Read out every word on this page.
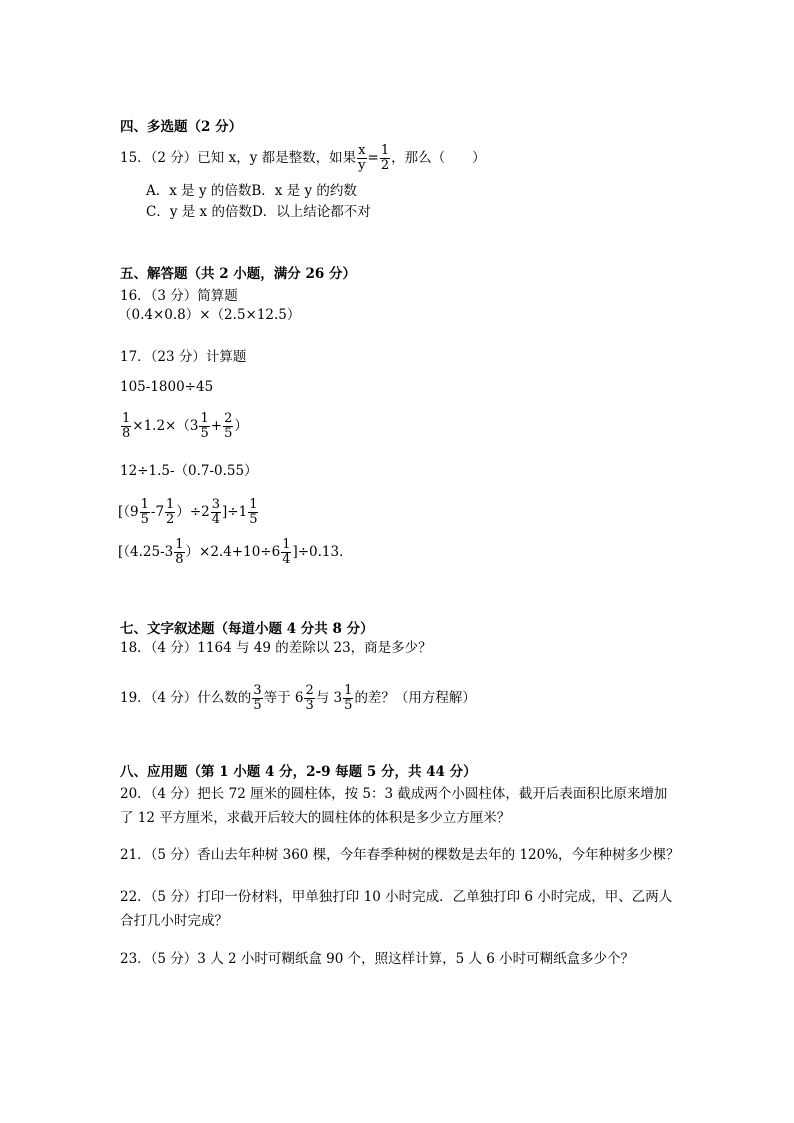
四、多选题（2 分）
15．（2 分）已知 x，y 都是整数，如果 $\frac{x}{y} = \frac{1}{2}$ ，那么（　　）
A．x 是 y 的倍数B．x 是 y 的约数
C．y 是 x 的倍数D．以上结论都不对
五、解答题（共 2 小题，满分 26 分）
16．（3 分）简算题
（0.4×0.8）×（2.5×12.5）
17．（23 分）计算题
105-1800÷45
$\frac{1}{8} \times 1.2\times(3 \frac{1}{5} + \frac{2}{5}$ ）
12÷1.5-（0.7-0.55）
$[(9 \frac{1}{5} -7 \frac{1}{2} )\div 2 \frac{3}{4} ]\div 1 \frac{1}{5}$
$[(4.25-3 \frac{1}{8} )\times 2.4+10\div 6 \frac{1}{4} ]\div 0.13$．
七、文字叙述题（每道小题 4 分共 8 分）
18．（4 分）1164 与 49 的差除以 23，商是多少？
19．（4 分）什么数的 $\frac{3}{5}$ 等于 $6 \frac{2}{3}$ 与 $3 \frac{1}{5}$ 的差？（用方程解）
八、应用题（第 1 小题 4 分，2-9 每题 5 分，共 44 分）
20．（4 分）把长 72 厘米的圆柱体，按 5：3 截成两个小圆柱体，截开后表面积比原来增加了 12 平方厘米，求截开后较大的圆柱体的体积是多少立方厘米？
21．（5 分）香山去年种树 360 棵，今年春季种树的棵数是去年的 120%，今年种树多少棵？
22．（5 分）打印一份材料，甲单独打印 10 小时完成．乙单独打印 6 小时完成，甲、乙两人合打几小时完成？
23．（5 分）3 人 2 小时可糊纸盒 90 个，照这样计算，5 人 6 小时可糊纸盒多少个？
